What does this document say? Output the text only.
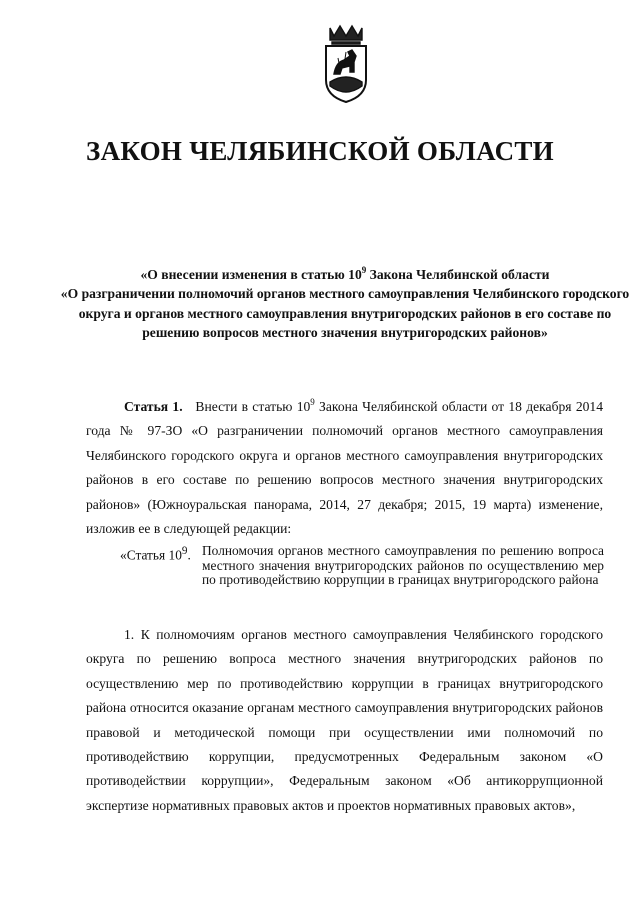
ЗАКОН ЧЕЛЯБИНСКОЙ ОБЛАСТИ
«О внесении изменения в статью $10^9$ Закона Челябинской области
«О разграничении полномочий органов местного самоуправления Челябинского городского округа и органов местного самоуправления внутригородских районов в его составе по решению вопросов местного значения внутригородских районов»
Статья 1. Внести в статью $10^9$ Закона Челябинской области от 18 декабря 2014 года № 97-ЗО «О разграничении полномочий органов местного самоуправления Челябинского городского округа и органов местного самоуправления внутригородских районов в его составе по решению вопросов местного значения внутригородских районов» (Южноуральская панорама, 2014, 27 декабря; 2015, 19 марта) изменение, изложив ее в следующей редакции:
«Статья $10^9$. Полномочия органов местного самоуправления по решению вопроса местного значения внутригородских районов по осуществлению мер по противодействию коррупции в границах внутригородского района
1. К полномочиям органов местного самоуправления Челябинского городского округа по решению вопроса местного значения внутригородских районов по осуществлению мер по противодействию коррупции в границах внутригородского района относится оказание органам местного самоуправления внутригородских районов правовой и методической помощи при осуществлении ими полномочий по противодействию коррупции, предусмотренных Федеральным законом «О противодействии коррупции», Федеральным законом «Об антикоррупционной экспертизе нормативных правовых актов и проектов нормативных правовых актов»,
